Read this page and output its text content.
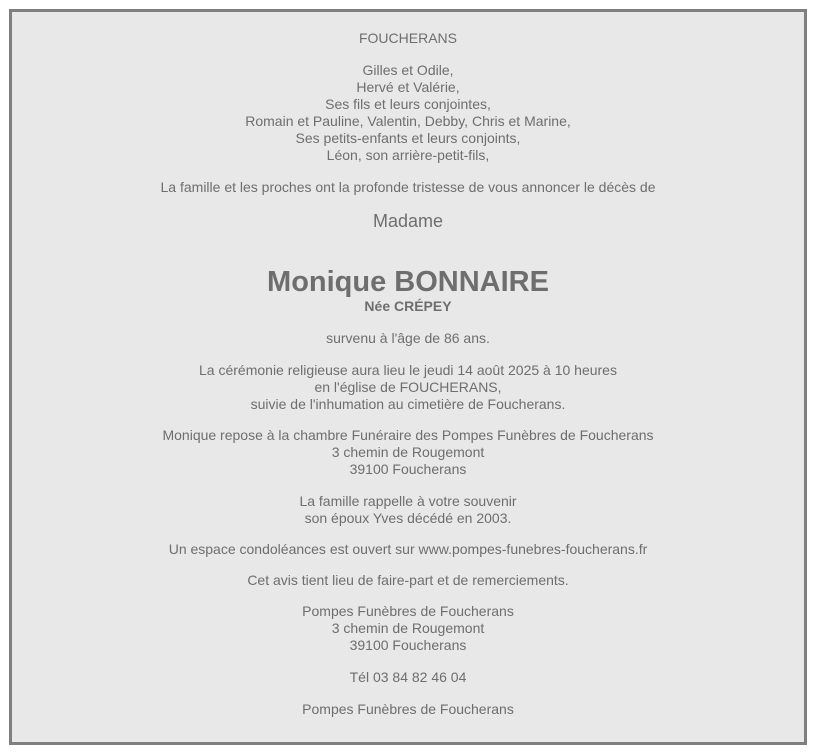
FOUCHERANS

Gilles et Odile,
Hervé et Valérie,
Ses fils et leurs conjointes,
Romain et Pauline, Valentin, Debby, Chris et Marine,
Ses petits-enfants et leurs conjoints,
Léon, son arrière-petit-fils,

La famille et les proches ont la profonde tristesse de vous annoncer le décès de

Madame

Monique BONNAIRE

Née CRÉPEY

survenu à l'âge de 86 ans.

La cérémonie religieuse aura lieu le jeudi 14 août 2025 à 10 heures
en l'église de FOUCHERANS,
suivie de l'inhumation au cimetière de Foucherans.

Monique repose à la chambre Funéraire des Pompes Funèbres de Foucherans
3 chemin de Rougemont
39100 Foucherans

La famille rappelle à votre souvenir
son époux Yves décédé en 2003.

Un espace condoléances est ouvert sur www.pompes-funebres-foucherans.fr

Cet avis tient lieu de faire-part et de remerciements.

Pompes Funèbres de Foucherans
3 chemin de Rougemont
39100 Foucherans

Tél 03 84 82 46 04

Pompes Funèbres de Foucherans
